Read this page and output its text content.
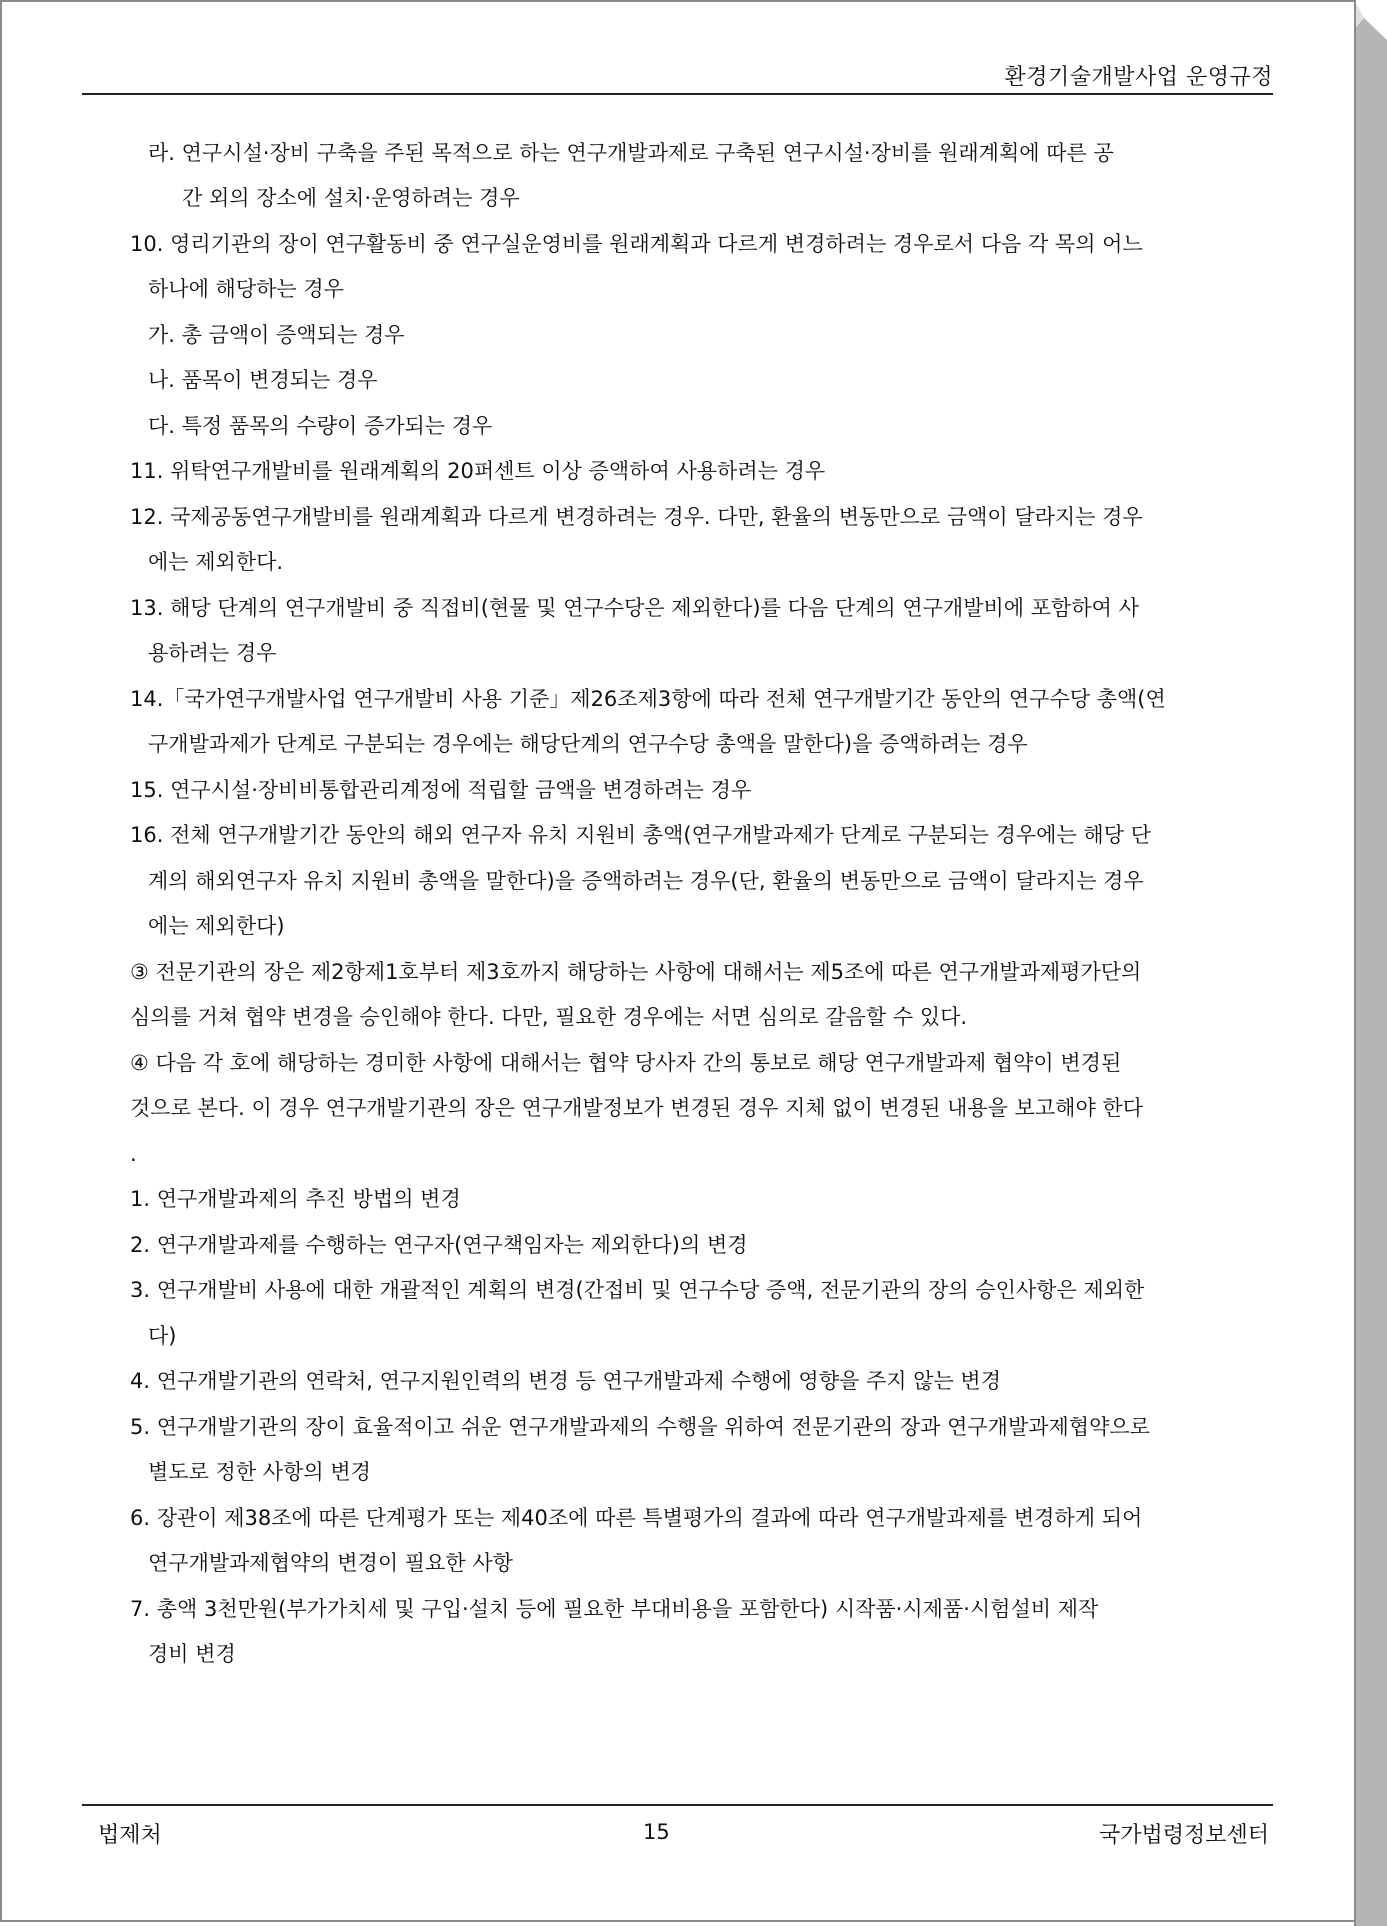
환경기술개발사업 운영규정
라. 연구시설·장비 구축을 주된 목적으로 하는 연구개발과제로 구축된 연구시설·장비를 원래계획에 따른 공
간 외의 장소에 설치·운영하려는 경우
10. 영리기관의 장이 연구활동비 중 연구실운영비를 원래계획과 다르게 변경하려는 경우로서 다음 각 목의 어느
하나에 해당하는 경우
가. 총 금액이 증액되는 경우
나. 품목이 변경되는 경우
다. 특정 품목의 수량이 증가되는 경우
11. 위탁연구개발비를 원래계획의 20퍼센트 이상 증액하여 사용하려는 경우
12. 국제공동연구개발비를 원래계획과 다르게 변경하려는 경우. 다만, 환율의 변동만으로 금액이 달라지는 경우
에는 제외한다.
13. 해당 단계의 연구개발비 중 직접비(현물 및 연구수당은 제외한다)를 다음 단계의 연구개발비에 포함하여 사
용하려는 경우
14.「국가연구개발사업 연구개발비 사용 기준」제26조제3항에 따라 전체 연구개발기간 동안의 연구수당 총액(연
구개발과제가 단계로 구분되는 경우에는 해당단계의 연구수당 총액을 말한다)을 증액하려는 경우
15. 연구시설·장비비통합관리계정에 적립할 금액을 변경하려는 경우
16. 전체 연구개발기간 동안의 해외 연구자 유치 지원비 총액(연구개발과제가 단계로 구분되는 경우에는 해당 단
계의 해외연구자 유치 지원비 총액을 말한다)을 증액하려는 경우(단, 환율의 변동만으로 금액이 달라지는 경우
에는 제외한다)
③ 전문기관의 장은 제2항제1호부터 제3호까지 해당하는 사항에 대해서는 제5조에 따른 연구개발과제평가단의
심의를 거쳐 협약 변경을 승인해야 한다. 다만, 필요한 경우에는 서면 심의로 갈음할 수 있다.
④ 다음 각 호에 해당하는 경미한 사항에 대해서는 협약 당사자 간의 통보로 해당 연구개발과제 협약이 변경된
것으로 본다. 이 경우 연구개발기관의 장은 연구개발정보가 변경된 경우 지체 없이 변경된 내용을 보고해야 한다
.
1. 연구개발과제의 추진 방법의 변경
2. 연구개발과제를 수행하는 연구자(연구책임자는 제외한다)의 변경
3. 연구개발비 사용에 대한 개괄적인 계획의 변경(간접비 및 연구수당 증액, 전문기관의 장의 승인사항은 제외한
다)
4. 연구개발기관의 연락처, 연구지원인력의 변경 등 연구개발과제 수행에 영향을 주지 않는 변경
5. 연구개발기관의 장이 효율적이고 쉬운 연구개발과제의 수행을 위하여 전문기관의 장과 연구개발과제협약으로
별도로 정한 사항의 변경
6. 장관이 제38조에 따른 단계평가 또는 제40조에 따른 특별평가의 결과에 따라 연구개발과제를 변경하게 되어
연구개발과제협약의 변경이 필요한 사항
7. 총액 3천만원(부가가치세 및 구입·설치 등에 필요한 부대비용을 포함한다) 시작품·시제품·시험설비 제작
경비 변경
법제처	15	국가법령정보센터
